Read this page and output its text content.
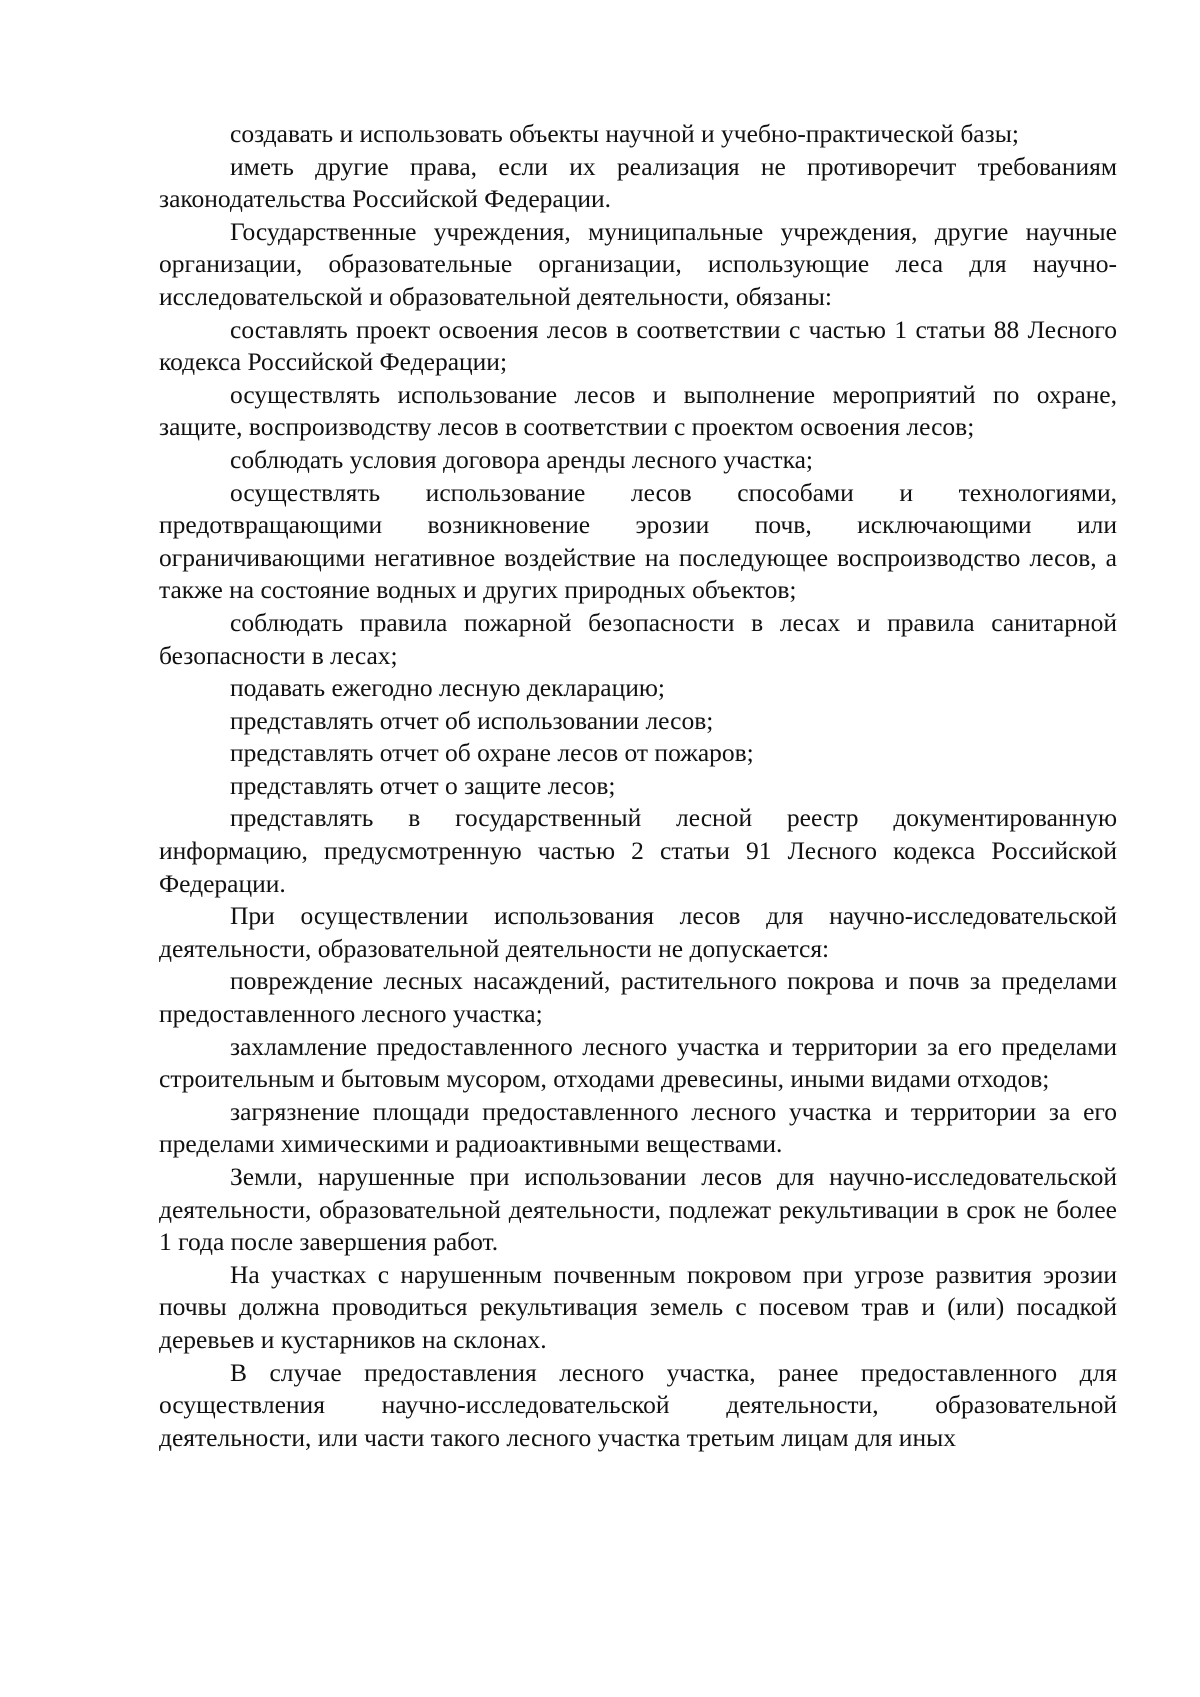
создавать и использовать объекты научной и учебно-практической базы;

иметь другие права, если их реализация не противоречит требованиям законодательства Российской Федерации.

Государственные учреждения, муниципальные учреждения, другие научные организации, образовательные организации, использующие леса для научно-исследовательской и образовательной деятельности, обязаны:

составлять проект освоения лесов в соответствии с частью 1 статьи 88 Лесного кодекса Российской Федерации;

осуществлять использование лесов и выполнение мероприятий по охране, защите, воспроизводству лесов в соответствии с проектом освоения лесов;

соблюдать условия договора аренды лесного участка;

осуществлять использование лесов способами и технологиями, предотвращающими возникновение эрозии почв, исключающими или ограничивающими негативное воздействие на последующее воспроизводство лесов, а также на состояние водных и других природных объектов;

соблюдать правила пожарной безопасности в лесах и правила санитарной безопасности в лесах;

подавать ежегодно лесную декларацию;

представлять отчет об использовании лесов;

представлять отчет об охране лесов от пожаров;

представлять отчет о защите лесов;

представлять в государственный лесной реестр документированную информацию, предусмотренную частью 2 статьи 91 Лесного кодекса Российской Федерации.

При осуществлении использования лесов для научно-исследовательской деятельности, образовательной деятельности не допускается:

повреждение лесных насаждений, растительного покрова и почв за пределами предоставленного лесного участка;

захламление предоставленного лесного участка и территории за его пределами строительным и бытовым мусором, отходами древесины, иными видами отходов;

загрязнение площади предоставленного лесного участка и территории за его пределами химическими и радиоактивными веществами.

Земли, нарушенные при использовании лесов для научно-исследовательской деятельности, образовательной деятельности, подлежат рекультивации в срок не более 1 года после завершения работ.

На участках с нарушенным почвенным покровом при угрозе развития эрозии почвы должна проводиться рекультивация земель с посевом трав и (или) посадкой деревьев и кустарников на склонах.

В случае предоставления лесного участка, ранее предоставленного для осуществления научно-исследовательской деятельности, образовательной деятельности, или части такого лесного участка третьим лицам для иных
